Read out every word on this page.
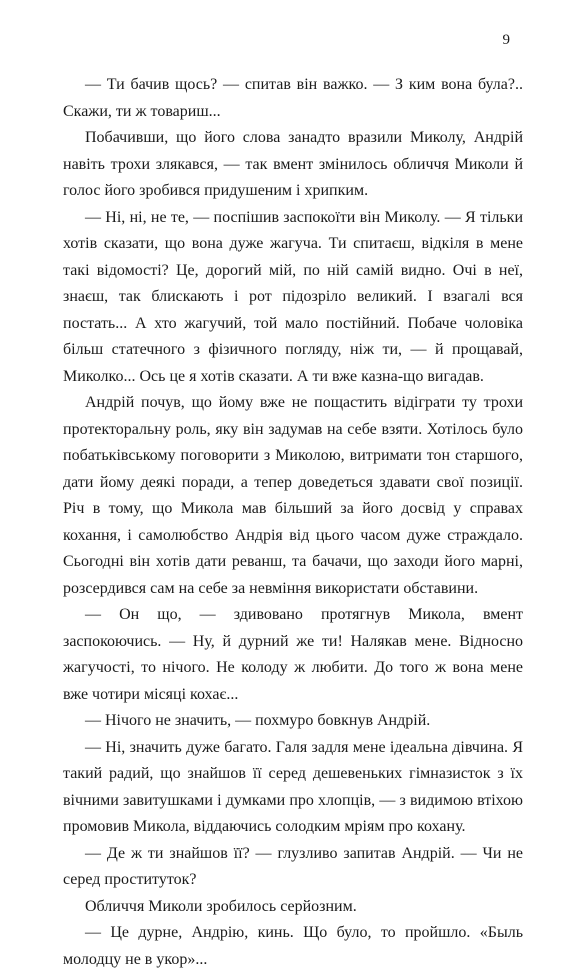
9

— Ти бачив щось? — спитав він важко. — З ким вона була?.. Скажи, ти ж товариш...

Побачивши, що його слова занадто вразили Миколу, Андрій навіть трохи злякався, — так вмент змінилось обличчя Миколи й голос його зробився придушеним і хрипким.

— Ні, ні, не те, — поспішив заспокоїти він Миколу. — Я тільки хотів сказати, що вона дуже жагуча. Ти спитаєш, відкіля в мене такі відомості? Це, дорогий мій, по ній самій видно. Очі в неї, знаєш, так блискають і рот підозріло великий. І взагалі вся постать... А хто жагучий, той мало постійний. Побаче чоловіка більш статечного з фізичного погляду, ніж ти, — й прощавай, Миколко... Ось це я хотів сказати. А ти вже казна-що вигадав.

Андрій почув, що йому вже не пощастить відіграти ту трохи протекторальну роль, яку він задумав на себе взяти. Хотілось було побатьківському поговорити з Миколою, витримати тон старшого, дати йому деякі поради, а тепер доведеться здавати свої позиції. Річ в тому, що Микола мав більший за його досвід у справах кохання, і самолюбство Андрія від цього часом дуже страждало. Сьогодні він хотів дати реванш, та бачачи, що заходи його марні, розсердився сам на себе за невміння використати обставини.

— Он що, — здивовано протягнув Микола, вмент заспокоючись. — Ну, й дурний же ти! Налякав мене. Відносно жагучості, то нічого. Не колоду ж любити. До того ж вона мене вже чотири місяці кохає...

— Нічого не значить, — похмуро бовкнув Андрій.

— Ні, значить дуже багато. Галя задля мене ідеальна дівчина. Я такий радий, що знайшов її серед дешевеньких гімназисток з їх вічними завитушками і думками про хлопців, — з видимою втіхою промовив Микола, віддаючись солодким мріям про кохану.

— Де ж ти знайшов її? — глузливо запитав Андрій. — Чи не серед проституток?

Обличчя Миколи зробилось серйозним.

— Це дурне, Андрію, кинь. Що було, то пройшло. «Быль молодцу не в укор»...
